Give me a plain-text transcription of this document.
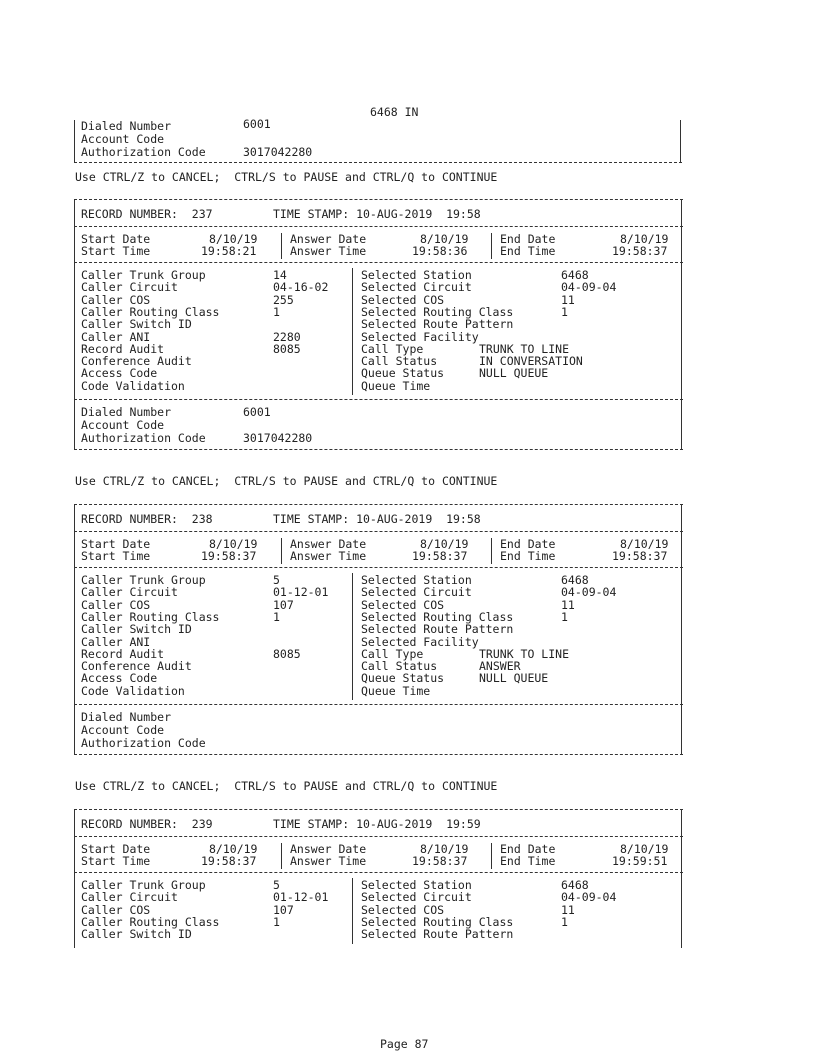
6468 IN
Dialed Number	6001
Account Code
Authorization Code	3017042280
Use CTRL/Z to CANCEL;  CTRL/S to PAUSE and CTRL/Q to CONTINUE
RECORD NUMBER:  237	TIME STAMP: 10-AUG-2019  19:58
Start Date	8/10/19
Start Time	19:58:21
Answer Date	8/10/19
Answer Time	19:58:36
End Date	8/10/19
End Time	19:58:37
Caller Trunk Group	14
Caller Circuit	04-16-02
Caller COS	255
Caller Routing Class	1
Caller Switch ID
Caller ANI	2280
Record Audit	8085
Conference Audit
Access Code
Code Validation
Selected Station	6468
Selected Circuit	04-09-04
Selected COS	11
Selected Routing Class	1
Selected Route Pattern
Selected Facility
Call Type	TRUNK TO LINE
Call Status	IN CONVERSATION
Queue Status	NULL QUEUE
Queue Time
Dialed Number	6001
Account Code
Authorization Code	3017042280
Use CTRL/Z to CANCEL;  CTRL/S to PAUSE and CTRL/Q to CONTINUE
RECORD NUMBER:  238	TIME STAMP: 10-AUG-2019  19:58
Start Date	8/10/19
Start Time	19:58:37
Answer Date	8/10/19
Answer Time	19:58:37
End Date	8/10/19
End Time	19:58:37
Caller Trunk Group	5
Caller Circuit	01-12-01
Caller COS	107
Caller Routing Class	1
Caller Switch ID
Caller ANI
Record Audit	8085
Conference Audit
Access Code
Code Validation
Selected Station	6468
Selected Circuit	04-09-04
Selected COS	11
Selected Routing Class	1
Selected Route Pattern
Selected Facility
Call Type	TRUNK TO LINE
Call Status	ANSWER
Queue Status	NULL QUEUE
Queue Time
Dialed Number
Account Code
Authorization Code
Use CTRL/Z to CANCEL;  CTRL/S to PAUSE and CTRL/Q to CONTINUE
RECORD NUMBER:  239	TIME STAMP: 10-AUG-2019  19:59
Start Date	8/10/19
Start Time	19:58:37
Answer Date	8/10/19
Answer Time	19:58:37
End Date	8/10/19
End Time	19:59:51
Caller Trunk Group	5
Caller Circuit	01-12-01
Caller COS	107
Caller Routing Class	1
Caller Switch ID
Selected Station	6468
Selected Circuit	04-09-04
Selected COS	11
Selected Routing Class	1
Selected Route Pattern
Page 87
